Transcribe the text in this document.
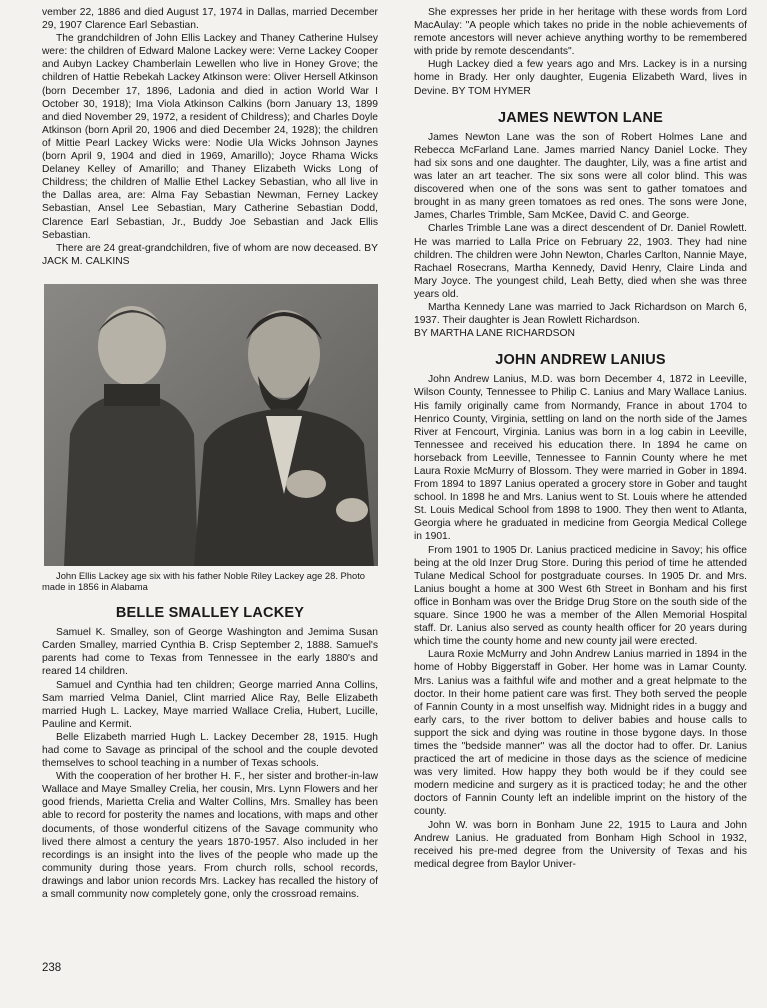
vember 22, 1886 and died August 17, 1974 in Dallas, married December 29, 1907 Clarence Earl Sebastian.

The grandchildren of John Ellis Lackey and Thaney Catherine Hulsey were: the children of Edward Malone Lackey were: Verne Lackey Cooper and Aubyn Lackey Chamberlain Lewellen who live in Honey Grove; the children of Hattie Rebekah Lackey Atkinson were: Oliver Hersell Atkinson (born December 17, 1896, Ladonia and died in action World War I October 30, 1918); Ima Viola Atkinson Calkins (born January 13, 1899 and died November 29, 1972, a resident of Childress); and Charles Doyle Atkinson (born April 20, 1906 and died December 24, 1928); the children of Mittie Pearl Lackey Wicks were: Nodie Ula Wicks Johnson Jaynes (born April 9, 1904 and died in 1969, Amarillo); Joyce Rhama Wicks Delaney Kelley of Amarillo; and Thaney Elizabeth Wicks Long of Childress; the children of Mallie Ethel Lackey Sebastian, who all live in the Dallas area, are: Alma Fay Sebastian Newman, Ferney Lackey Sebastian, Ansel Lee Sebastian, Mary Catherine Sebastian Dodd, Clarence Earl Sebastian, Jr., Buddy Joe Sebastian and Jack Ellis Sebastian.

There are 24 great-grandchildren, five of whom are now deceased. BY JACK M. CALKINS

John Ellis Lackey age six with his father Noble Riley Lackey age 28. Photo made in 1856 in Alabama

BELLE SMALLEY LACKEY

Samuel K. Smalley, son of George Washington and Jemima Susan Carden Smalley, married Cynthia B. Crisp September 2, 1888. Samuel's parents had come to Texas from Tennessee in the early 1880's and reared 14 children.

Samuel and Cynthia had ten children; George married Anna Collins, Sam married Velma Daniel, Clint married Alice Ray, Belle Elizabeth married Hugh L. Lackey, Maye married Wallace Crelia, Hubert, Lucille, Pauline and Kermit.

Belle Elizabeth married Hugh L. Lackey December 28, 1915. Hugh had come to Savage as principal of the school and the couple devoted themselves to school teaching in a number of Texas schools.

With the cooperation of her brother H. F., her sister and brother-in-law Wallace and Maye Smalley Crelia, her cousin, Mrs. Lynn Flowers and her good friends, Marietta Crelia and Walter Collins, Mrs. Smalley has been able to record for posterity the names and locations, with maps and other documents, of those wonderful citizens of the Savage community who lived there almost a century the years 1870-1957. Also included in her recordings is an insight into the lives of the people who made up the community during those years. From church rolls, school records, drawings and labor union records Mrs. Lackey has recalled the history of a small community now completely gone, only the crossroad remains.

She expresses her pride in her heritage with these words from Lord MacAulay: "A people which takes no pride in the noble achievements of remote ancestors will never achieve anything worthy to be remembered with pride by remote descendants".

Hugh Lackey died a few years ago and Mrs. Lackey is in a nursing home in Brady. Her only daughter, Eugenia Elizabeth Ward, lives in Devine. BY TOM HYMER

JAMES NEWTON LANE

James Newton Lane was the son of Robert Holmes Lane and Rebecca McFarland Lane. James married Nancy Daniel Locke. They had six sons and one daughter. The daughter, Lily, was a fine artist and was later an art teacher. The six sons were all color blind. This was discovered when one of the sons was sent to gather tomatoes and brought in as many green tomatoes as red ones. The sons were Jone, James, Charles Trimble, Sam McKee, David C. and George.

Charles Trimble Lane was a direct descendent of Dr. Daniel Rowlett. He was married to Lalla Price on February 22, 1903. They had nine children. The children were John Newton, Charles Carlton, Nannie Maye, Rachael Rosecrans, Martha Kennedy, David Henry, Claire Linda and Mary Joyce. The youngest child, Leah Betty, died when she was three years old.

Martha Kennedy Lane was married to Jack Richardson on March 6, 1937. Their daughter is Jean Rowlett Richardson.

BY MARTHA LANE RICHARDSON

JOHN ANDREW LANIUS

John Andrew Lanius, M.D. was born December 4, 1872 in Leeville, Wilson County, Tennessee to Philip C. Lanius and Mary Wallace Lanius. His family originally came from Normandy, France in about 1704 to Henrico County, Virginia, settling on land on the north side of the James River at Fencourt, Virginia. Lanius was born in a log cabin in Leeville, Tennessee and received his education there. In 1894 he came on horseback from Leeville, Tennessee to Fannin County where he met Laura Roxie McMurry of Blossom. They were married in Gober in 1894. From 1894 to 1897 Lanius operated a grocery store in Gober and taught school. In 1898 he and Mrs. Lanius went to St. Louis where he attended St. Louis Medical School from 1898 to 1900. They then went to Atlanta, Georgia where he graduated in medicine from Georgia Medical College in 1901.

From 1901 to 1905 Dr. Lanius practiced medicine in Savoy; his office being at the old Inzer Drug Store. During this period of time he attended Tulane Medical School for postgraduate courses. In 1905 Dr. and Mrs. Lanius bought a home at 300 West 6th Street in Bonham and his first office in Bonham was over the Bridge Drug Store on the south side of the square. Since 1900 he was a member of the Allen Memorial Hospital staff. Dr. Lanius also served as county health officer for 20 years during which time the county home and new county jail were erected.

Laura Roxie McMurry and John Andrew Lanius married in 1894 in the home of Hobby Biggerstaff in Gober. Her home was in Lamar County. Mrs. Lanius was a faithful wife and mother and a great helpmate to the doctor. In their home patient care was first. They both served the people of Fannin County in a most unselfish way. Midnight rides in a buggy and early cars, to the river bottom to deliver babies and house calls to support the sick and dying was routine in those bygone days. In those times the "bedside manner" was all the doctor had to offer. Dr. Lanius practiced the art of medicine in those days as the science of medicine was very limited. How happy they both would be if they could see modern medicine and surgery as it is practiced today; he and the other doctors of Fannin County left an indelible imprint on the history of the county.

John W. was born in Bonham June 22, 1915 to Laura and John Andrew Lanius. He graduated from Bonham High School in 1932, received his pre-med degree from the University of Texas and his medical degree from Baylor Univer-

238
